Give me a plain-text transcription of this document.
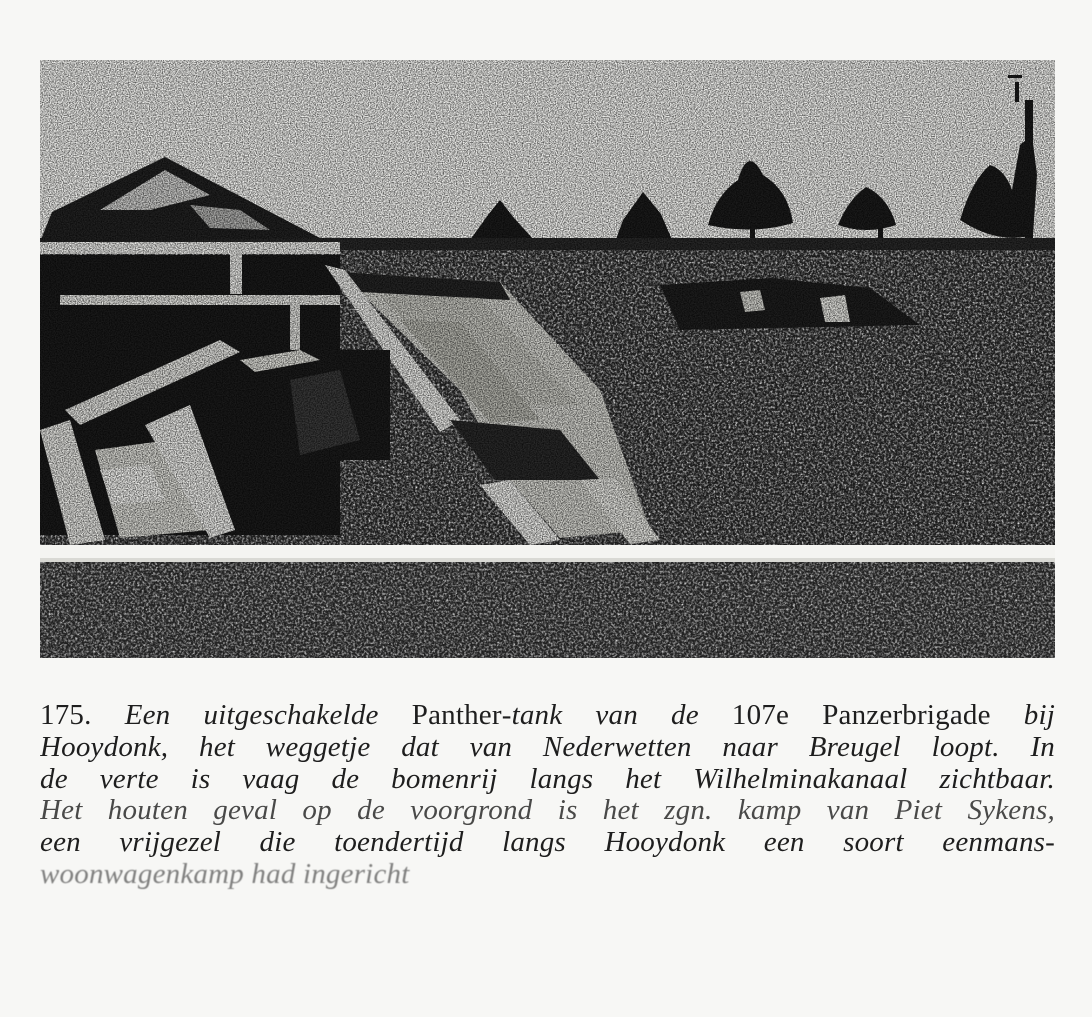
175. Een uitgeschakelde Panther-tank van de 107e Panzerbrigade bij
Hooydonk, het weggetje dat van Nederwetten naar Breugel loopt. In
de verte is vaag de bomenrij langs het Wilhelminakanaal zichtbaar.
Het houten geval op de voorgrond is het zgn. kamp van Piet Sykens,
een vrijgezel die toendertijd langs Hooydonk een soort eenmans-
woonwagenkamp had ingericht
